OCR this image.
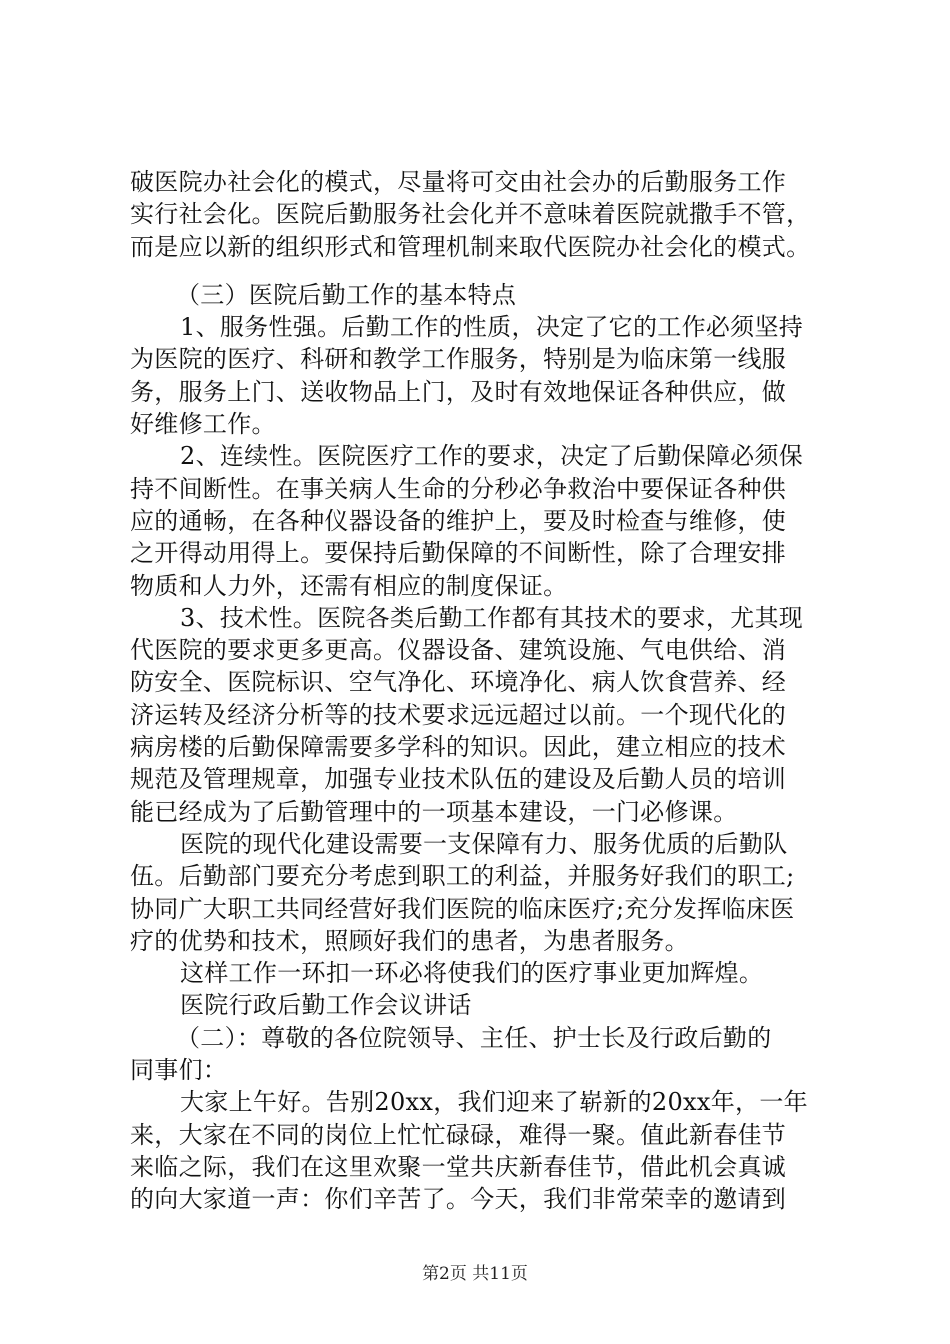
破医院办社会化的模式，尽量将可交由社会办的后勤服务工作
实行社会化。医院后勤服务社会化并不意味着医院就撒手不管，
而是应以新的组织形式和管理机制来取代医院办社会化的模式。
（三）医院后勤工作的基本特点
1、服务性强。后勤工作的性质，决定了它的工作必须坚持
为医院的医疗、科研和教学工作服务，特别是为临床第一线服
务，服务上门、送收物品上门，及时有效地保证各种供应，做
好维修工作。
2、连续性。医院医疗工作的要求，决定了后勤保障必须保
持不间断性。在事关病人生命的分秒必争救治中要保证各种供
应的通畅，在各种仪器设备的维护上，要及时检查与维修，使
之开得动用得上。要保持后勤保障的不间断性，除了合理安排
物质和人力外，还需有相应的制度保证。
3、技术性。医院各类后勤工作都有其技术的要求，尤其现
代医院的要求更多更高。仪器设备、建筑设施、气电供给、消
防安全、医院标识、空气净化、环境净化、病人饮食营养、经
济运转及经济分析等的技术要求远远超过以前。一个现代化的
病房楼的后勤保障需要多学科的知识。因此，建立相应的技术
规范及管理规章，加强专业技术队伍的建设及后勤人员的培训
能已经成为了后勤管理中的一项基本建设，一门必修课。
医院的现代化建设需要一支保障有力、服务优质的后勤队
伍。后勤部门要充分考虑到职工的利益，并服务好我们的职工;
协同广大职工共同经营好我们医院的临床医疗;充分发挥临床医
疗的优势和技术，照顾好我们的患者，为患者服务。
这样工作一环扣一环必将使我们的医疗事业更加辉煌。
医院行政后勤工作会议讲话
（二）：尊敬的各位院领导、主任、护士长及行政后勤的
同事们：
大家上午好。告别20xx，我们迎来了崭新的20xx年，一年
来，大家在不同的岗位上忙忙碌碌，难得一聚。值此新春佳节
来临之际，我们在这里欢聚一堂共庆新春佳节，借此机会真诚
的向大家道一声：你们辛苦了。今天，我们非常荣幸的邀请到
第2页 共11页
